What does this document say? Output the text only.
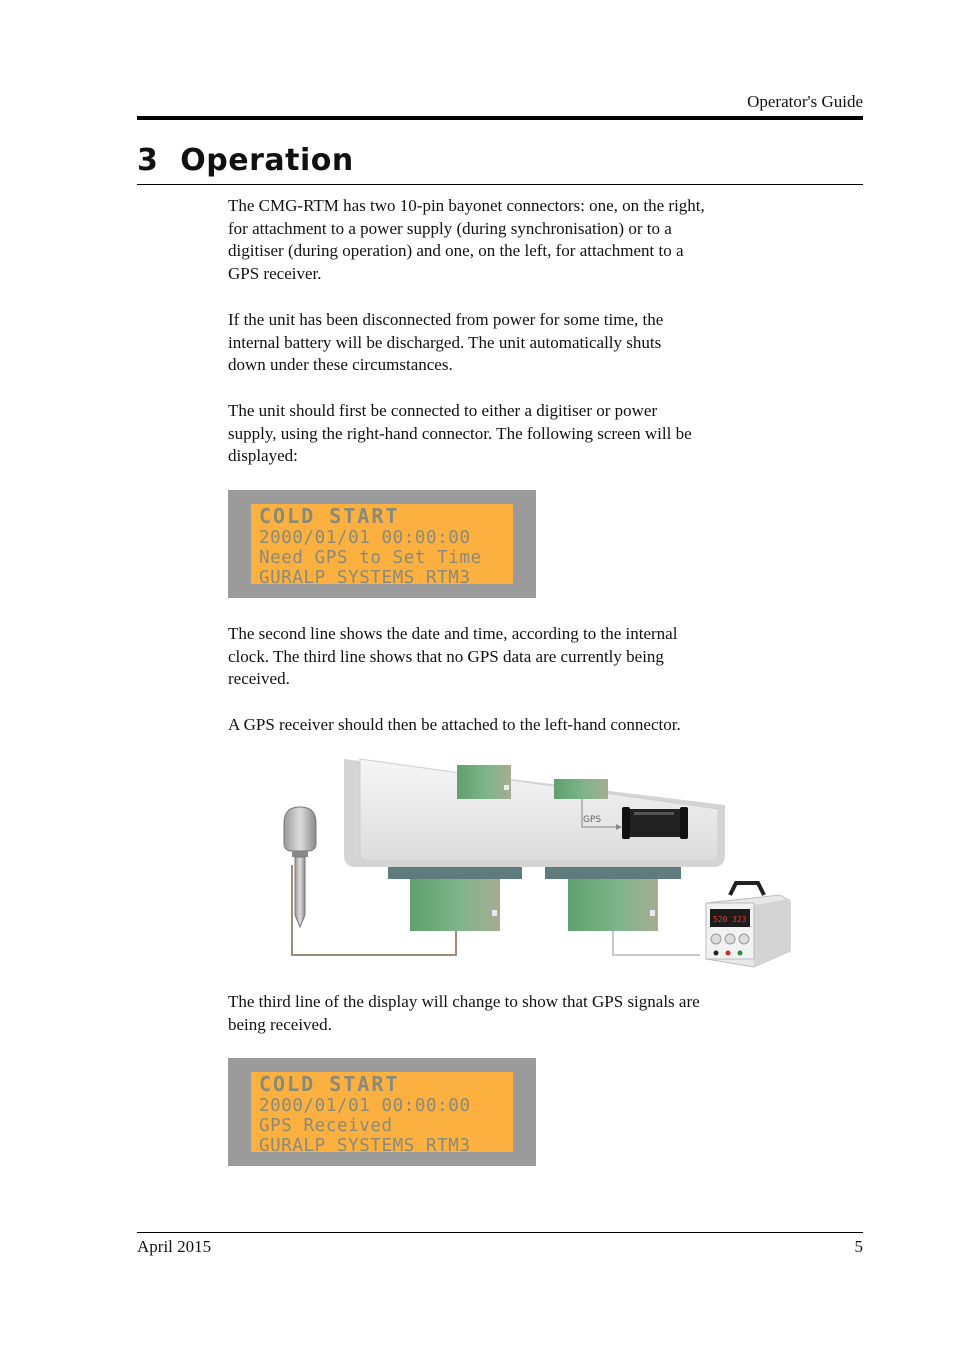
Operator's Guide
3 Operation
The CMG-RTM has two 10-pin bayonet connectors: one, on the right,
for attachment to a power supply (during synchronisation) or to a
digitiser (during operation) and one, on the left, for attachment to a
GPS receiver.
If the unit has been disconnected from power for some time, the
internal battery will be discharged. The unit automatically shuts
down under these circumstances.
The unit should first be connected to either a digitiser or power
supply, using the right-hand connector. The following screen will be
displayed:
COLD START
2000/01/01 00:00:00
Need GPS to Set Time
GURALP SYSTEMS RTM3
The second line shows the date and time, according to the internal
clock. The third line shows that no GPS data are currently being
received.
A GPS receiver should then be attached to the left-hand connector.
GPS
520 323
The third line of the display will change to show that GPS signals are
being received.
COLD START
2000/01/01 00:00:00
GPS Received
GURALP SYSTEMS RTM3
April 2015	5
